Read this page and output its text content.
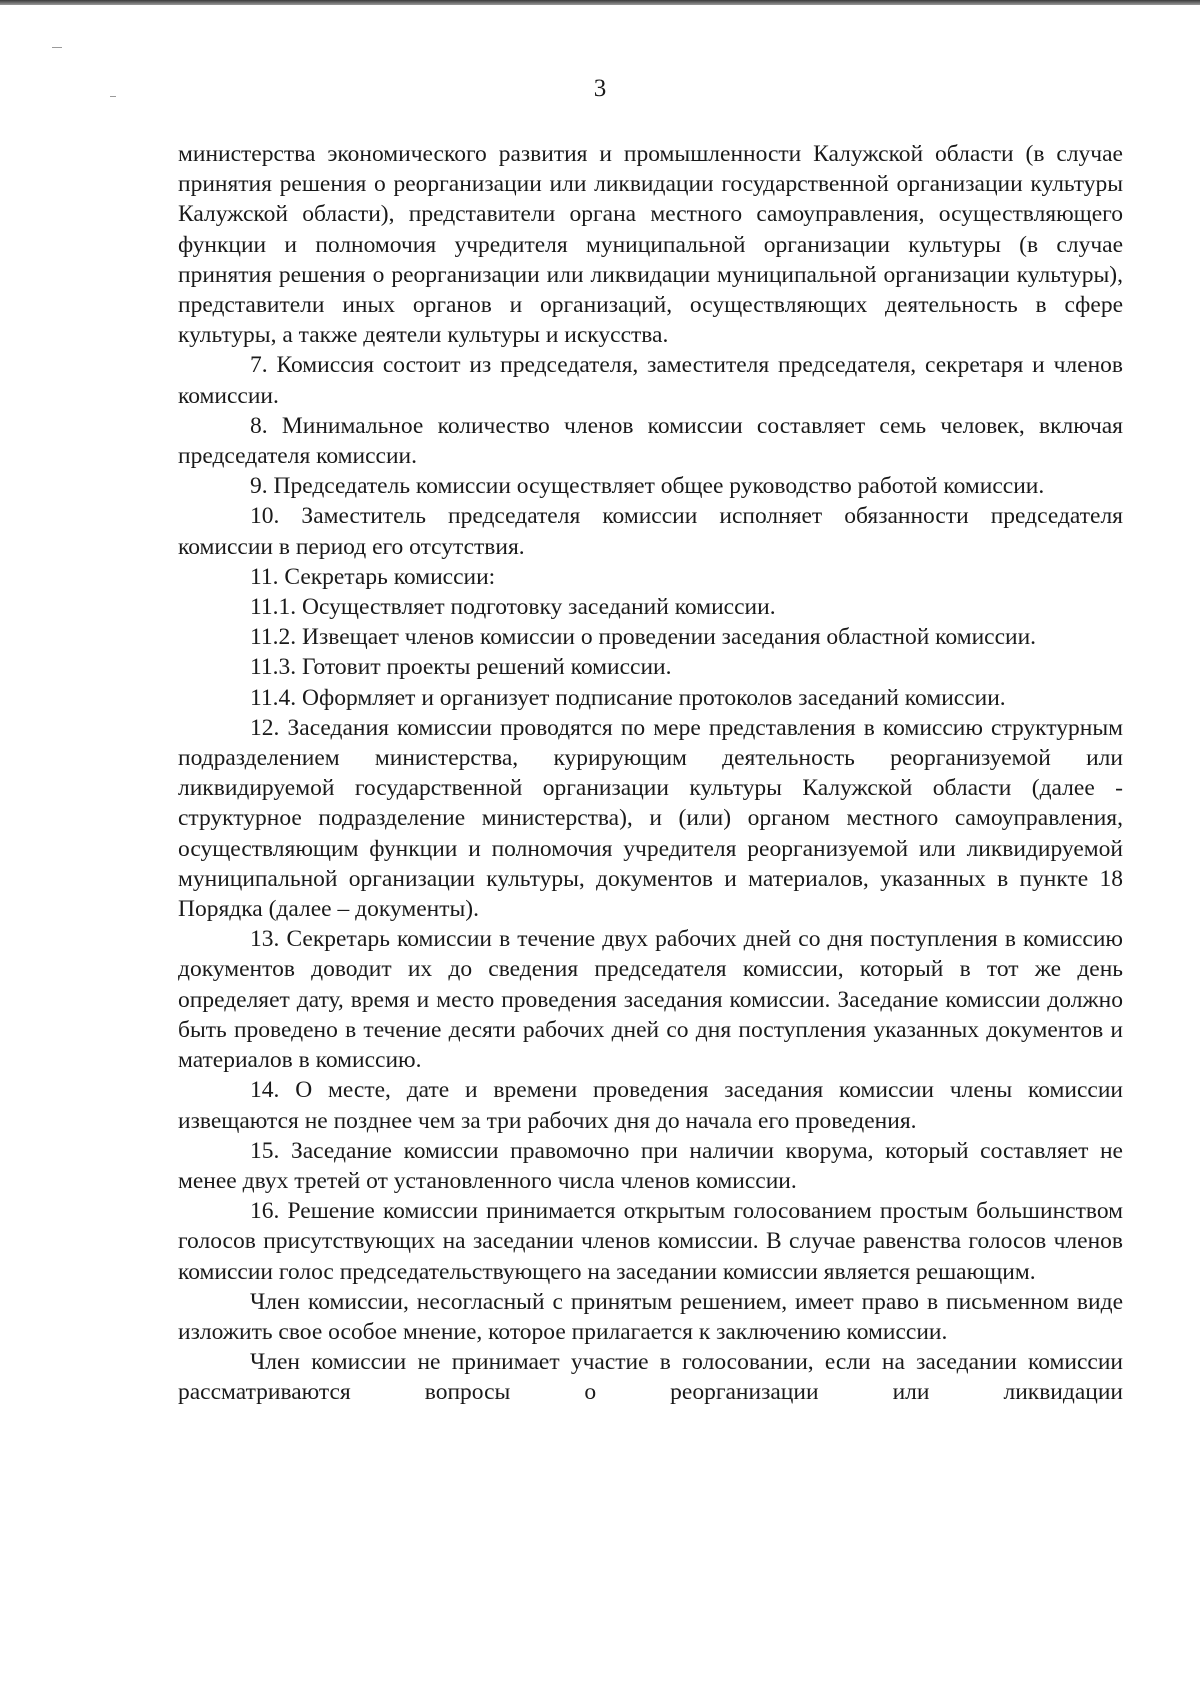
3

министерства экономического развития и промышленности Калужской области (в случае принятия решения о реорганизации или ликвидации государственной организации культуры Калужской области), представители органа местного самоуправления, осуществляющего функции и полномочия учредителя муниципальной организации культуры (в случае принятия решения о реорганизации или ликвидации муниципальной организации культуры), представители иных органов и организаций, осуществляющих деятельность в сфере культуры, а также деятели культуры и искусства.

7. Комиссия состоит из председателя, заместителя председателя, секретаря и членов комиссии.

8. Минимальное количество членов комиссии составляет семь человек, включая председателя комиссии.

9. Председатель комиссии осуществляет общее руководство работой комиссии.

10. Заместитель председателя комиссии исполняет обязанности председателя комиссии в период его отсутствия.

11. Секретарь комиссии:

11.1. Осуществляет подготовку заседаний комиссии.

11.2. Извещает членов комиссии о проведении заседания областной комиссии.

11.3. Готовит проекты решений комиссии.

11.4. Оформляет и организует подписание протоколов заседаний комиссии.

12. Заседания комиссии проводятся по мере представления в комиссию структурным подразделением министерства, курирующим деятельность реорганизуемой или ликвидируемой государственной организации культуры Калужской области (далее - структурное подразделение министерства), и (или) органом местного самоуправления, осуществляющим функции и полномочия учредителя реорганизуемой или ликвидируемой муниципальной организации культуры, документов и материалов, указанных в пункте 18 Порядка (далее – документы).

13. Секретарь комиссии в течение двух рабочих дней со дня поступления в комиссию документов доводит их до сведения председателя комиссии, который в тот же день определяет дату, время и место проведения заседания комиссии. Заседание комиссии должно быть проведено в течение десяти рабочих дней со дня поступления указанных документов и материалов в комиссию.

14. О месте, дате и времени проведения заседания комиссии члены комиссии извещаются не позднее чем за три рабочих дня до начала его проведения.

15. Заседание комиссии правомочно при наличии кворума, который составляет не менее двух третей от установленного числа членов комиссии.

16. Решение комиссии принимается открытым голосованием простым большинством голосов присутствующих на заседании членов комиссии. В случае равенства голосов членов комиссии голос председательствующего на заседании комиссии является решающим.

Член комиссии, несогласный с принятым решением, имеет право в письменном виде изложить свое особое мнение, которое прилагается к заключению комиссии.

Член комиссии не принимает участие в голосовании, если на заседании комиссии рассматриваются вопросы о реорганизации или ликвидации
